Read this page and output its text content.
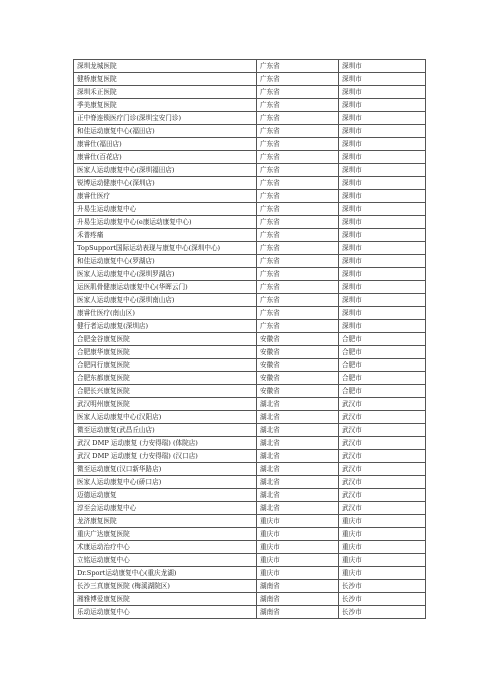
深圳龙城医院	广东省	深圳市
健桥康复医院	广东省	深圳市
深圳禾正医院	广东省	深圳市
季美康复医院	广东省	深圳市
正中脊连锁医疗门诊(深圳宝安门诊)	广东省	深圳市
和佳运动康复中心(福田店)	广东省	深圳市
康睿仕(福田店)	广东省	深圳市
康睿仕(百花店)	广东省	深圳市
医家人运动康复中心(深圳福田店)	广东省	深圳市
锐博运动健康中心(深圳店)	广东省	深圳市
康睿仕医疗	广东省	深圳市
升易生运动康复中心	广东省	深圳市
升易生运动康复中心(e康运动康复中心)	广东省	深圳市
禾普疼痛	广东省	深圳市
TopSupport国际运动表现与康复中心(深圳中心)	广东省	深圳市
和佳运动康复中心(罗湖店)	广东省	深圳市
医家人运动康复中心(深圳罗湖店)	广东省	深圳市
运医肌骨健康运动康复中心(华晖云门)	广东省	深圳市
医家人运动康复中心(深圳南山店)	广东省	深圳市
康睿仕医疗(南山区)	广东省	深圳市
健行者运动康复(深圳店)	广东省	深圳市
合肥金谷康复医院	安徽省	合肥市
合肥康华康复医院	安徽省	合肥市
合肥同行康复医院	安徽省	合肥市
合肥东都康复医院	安徽省	合肥市
合肥长兴康复医院	安徽省	合肥市
武汉明州康复医院	湖北省	武汉市
医家人运动康复中心(汉阳店)	湖北省	武汉市
微至运动康复(武昌丘山店)	湖北省	武汉市
武汉 DMP 运动康复 (力安得瑞) (体院店)	湖北省	武汉市
武汉 DMP 运动康复 (力安得瑞) (汉口店)	湖北省	武汉市
微至运动康复(汉口新华路店)	湖北省	武汉市
医家人运动康复中心(硚口店)	湖北省	武汉市
迈德运动康复	湖北省	武汉市
淳至会运动康复中心	湖北省	武汉市
龙济康复医院	重庆市	重庆市
重庆广达康复医院	重庆市	重庆市
术康运动治疗中心	重庆市	重庆市
立铭运动康复中心	重庆市	重庆市
Dr.Sport运动康复中心(重庆龙湖)	重庆市	重庆市
长沙三真康复医院 (梅溪湖院区)	湖南省	长沙市
湘雅博爱康复医院	湖南省	长沙市
乐动运动康复中心	湖南省	长沙市
